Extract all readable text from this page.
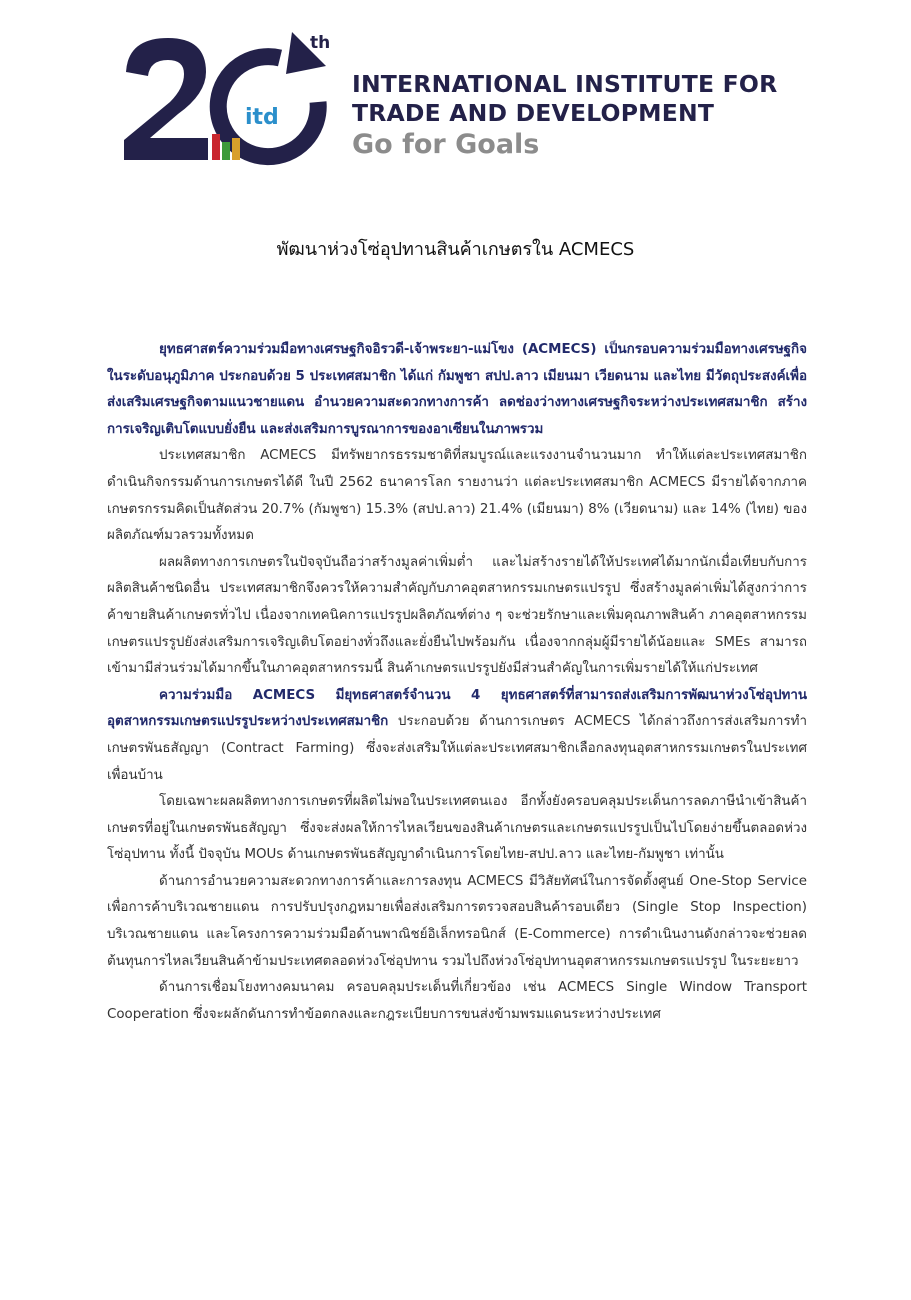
itd
th
INTERNATIONAL INSTITUTE FOR
TRADE AND DEVELOPMENT
Go for Goals
พัฒนาห่วงโซ่อุปทานสินค้าเกษตรใน ACMECS

ยุทธศาสตร์ความร่วมมือทางเศรษฐกิจอิรวดี-เจ้าพระยา-แม่โขง (ACMECS) เป็นกรอบความร่วมมือทางเศรษฐกิจในระดับอนุภูมิภาค ประกอบด้วย 5 ประเทศสมาชิก ได้แก่ กัมพูชา สปป.ลาว เมียนมา เวียดนาม และไทย มีวัตถุประสงค์เพื่อส่งเสริมเศรษฐกิจตามแนวชายแดน อำนวยความสะดวกทางการค้า ลดช่องว่างทางเศรษฐกิจระหว่างประเทศสมาชิก สร้างการเจริญเติบโตแบบยั่งยืน และส่งเสริมการบูรณาการของอาเซียนในภาพรวม

ประเทศสมาชิก ACMECS มีทรัพยากรธรรมชาติที่สมบูรณ์และแรงงานจำนวนมาก ทำให้แต่ละประเทศสมาชิกดำเนินกิจกรรมด้านการเกษตรได้ดี ในปี 2562 ธนาคารโลก รายงานว่า แต่ละประเทศสมาชิก ACMECS มีรายได้จากภาคเกษตรกรรมคิดเป็นสัดส่วน 20.7% (กัมพูชา) 15.3% (สปป.ลาว) 21.4% (เมียนมา) 8% (เวียดนาม) และ 14% (ไทย) ของผลิตภัณฑ์มวลรวมทั้งหมด

ผลผลิตทางการเกษตรในปัจจุบันถือว่าสร้างมูลค่าเพิ่มต่ำ และไม่สร้างรายได้ให้ประเทศได้มากนักเมื่อเทียบกับการผลิตสินค้าชนิดอื่น ประเทศสมาชิกจึงควรให้ความสำคัญกับภาคอุตสาหกรรมเกษตรแปรรูป ซึ่งสร้างมูลค่าเพิ่มได้สูงกว่าการค้าขายสินค้าเกษตรทั่วไป เนื่องจากเทคนิคการแปรรูปผลิตภัณฑ์ต่าง ๆ จะช่วยรักษาและเพิ่มคุณภาพสินค้า ภาคอุตสาหกรรมเกษตรแปรรูปยังส่งเสริมการเจริญเติบโตอย่างทั่วถึงและยั่งยืนไปพร้อมกัน เนื่องจากกลุ่มผู้มีรายได้น้อยและ SMEs สามารถเข้ามามีส่วนร่วมได้มากขึ้นในภาคอุตสาหกรรมนี้ สินค้าเกษตรแปรรูปยังมีส่วนสำคัญในการเพิ่มรายได้ให้แก่ประเทศ

ความร่วมมือ ACMECS มียุทธศาสตร์จำนวน 4 ยุทธศาสตร์ที่สามารถส่งเสริมการพัฒนาห่วงโซ่อุปทานอุตสาหกรรมเกษตรแปรรูประหว่างประเทศสมาชิก ประกอบด้วย ด้านการเกษตร ACMECS ได้กล่าวถึงการส่งเสริมการทำเกษตรพันธสัญญา (Contract Farming) ซึ่งจะส่งเสริมให้แต่ละประเทศสมาชิกเลือกลงทุนอุตสาหกรรมเกษตรในประเทศเพื่อนบ้าน

โดยเฉพาะผลผลิตทางการเกษตรที่ผลิตไม่พอในประเทศตนเอง อีกทั้งยังครอบคลุมประเด็นการลดภาษีนำเข้าสินค้าเกษตรที่อยู่ในเกษตรพันธสัญญา ซึ่งจะส่งผลให้การไหลเวียนของสินค้าเกษตรและเกษตรแปรรูปเป็นไปโดยง่ายขึ้นตลอดห่วงโซ่อุปทาน ทั้งนี้ ปัจจุบัน MOUs ด้านเกษตรพันธสัญญาดำเนินการโดยไทย-สปป.ลาว และไทย-กัมพูชา เท่านั้น

ด้านการอำนวยความสะดวกทางการค้าและการลงทุน ACMECS มีวิสัยทัศน์ในการจัดตั้งศูนย์ One-Stop Service เพื่อการค้าบริเวณชายแดน การปรับปรุงกฎหมายเพื่อส่งเสริมการตรวจสอบสินค้ารอบเดียว (Single Stop Inspection) บริเวณชายแดน และโครงการความร่วมมือด้านพาณิชย์อิเล็กทรอนิกส์ (E-Commerce) การดำเนินงานดังกล่าวจะช่วยลดต้นทุนการไหลเวียนสินค้าข้ามประเทศตลอดห่วงโซ่อุปทาน รวมไปถึงห่วงโซ่อุปทานอุตสาหกรรมเกษตรแปรรูป ในระยะยาว

ด้านการเชื่อมโยงทางคมนาคม ครอบคลุมประเด็นที่เกี่ยวข้อง เช่น ACMECS Single Window Transport Cooperation ซึ่งจะผลักดันการทำข้อตกลงและกฎระเบียบการขนส่งข้ามพรมแดนระหว่างประเทศ
